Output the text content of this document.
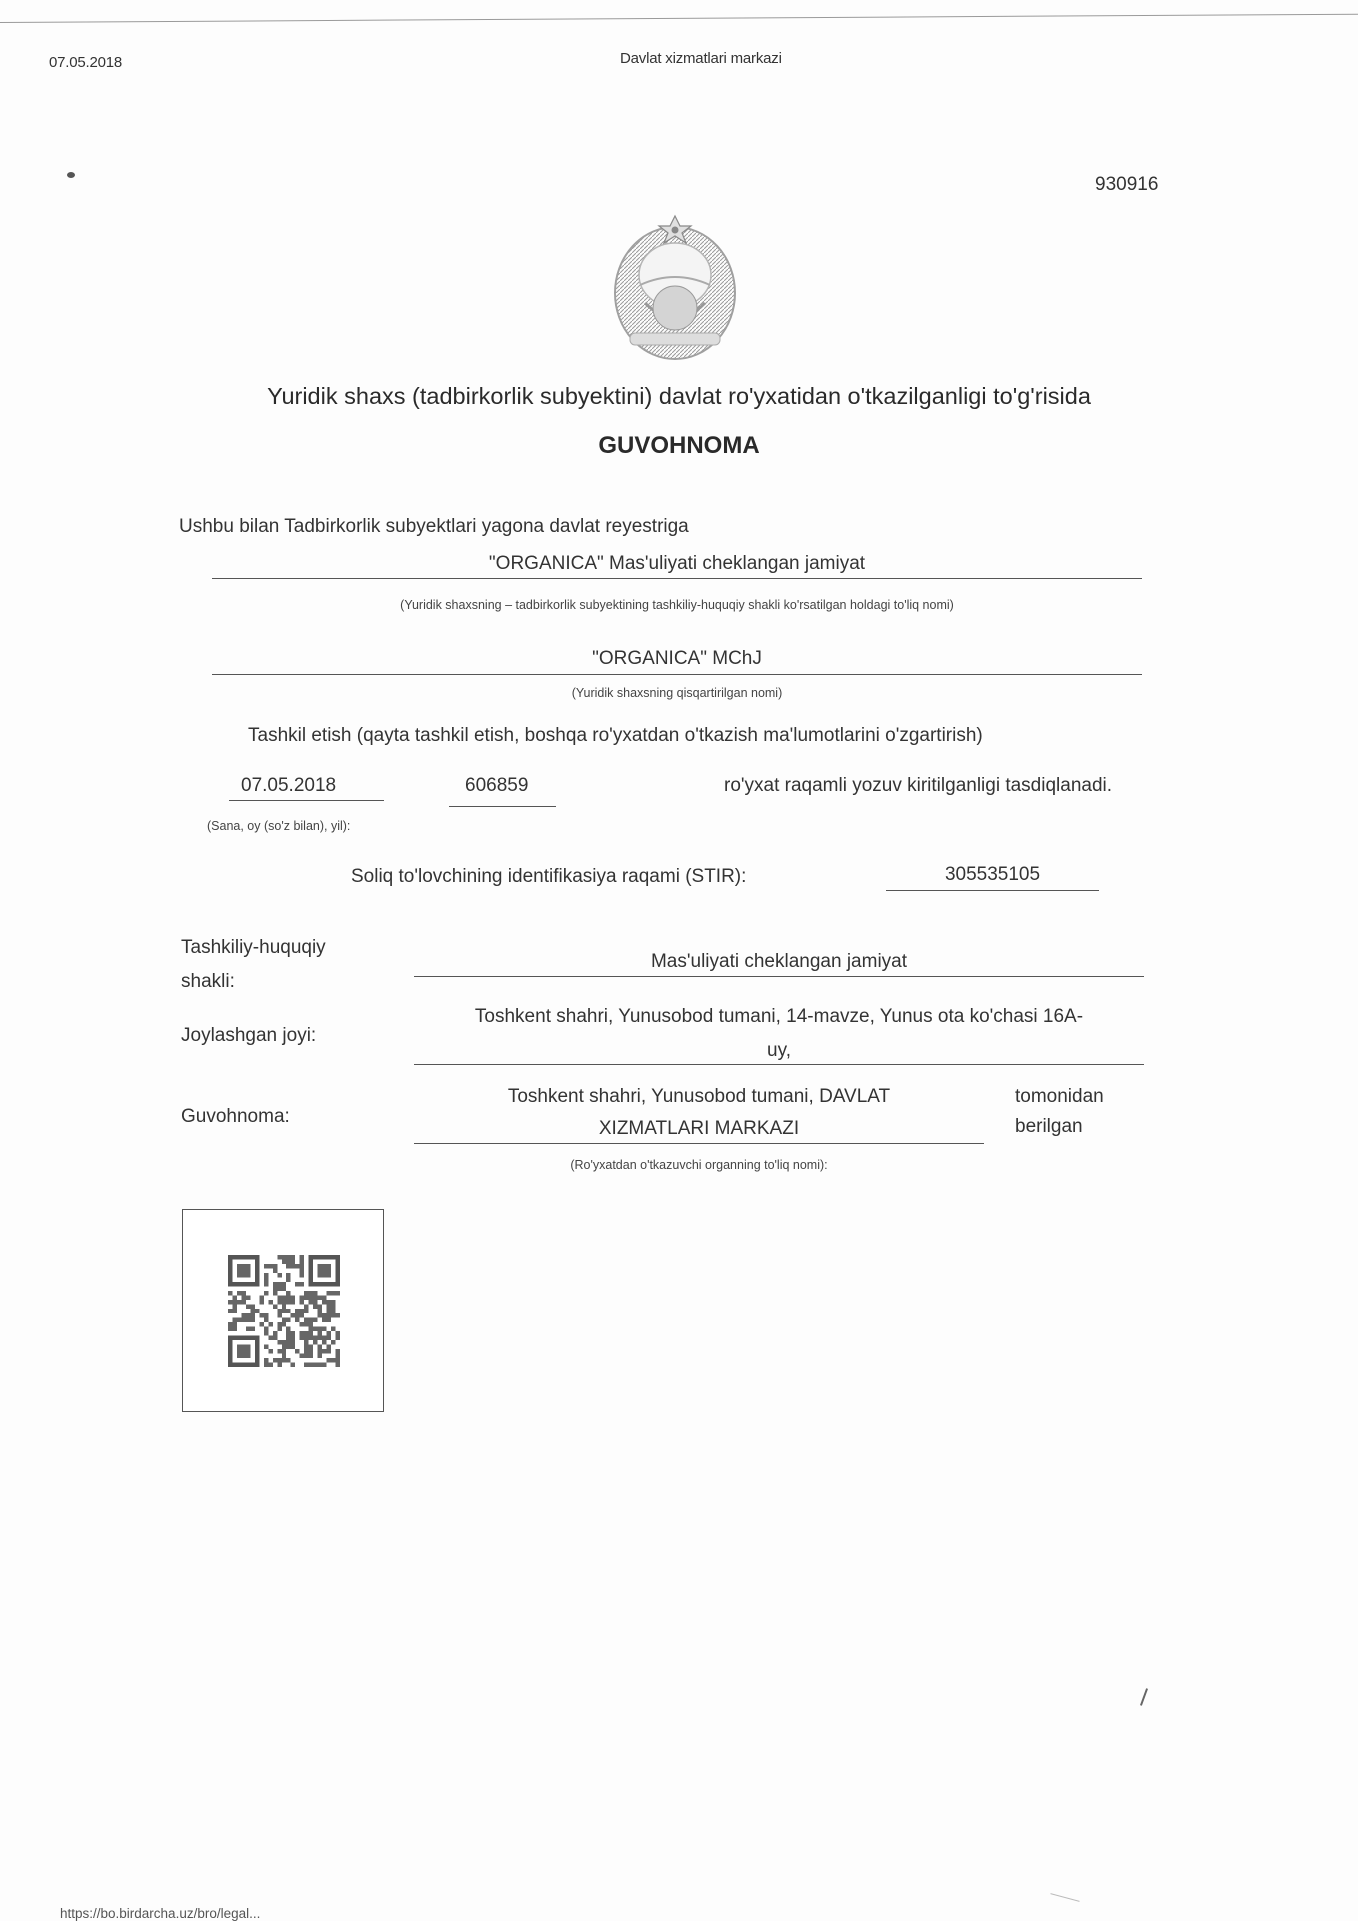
07.05.2018	Davlat xizmatlari markazi
930916
Yuridik shaxs (tadbirkorlik subyektini) davlat ro'yxatidan o'tkazilganligi to'g'risida
GUVOHNOMA
Ushbu bilan Tadbirkorlik subyektlari yagona davlat reyestriga
"ORGANICA" Mas'uliyati cheklangan jamiyat
(Yuridik shaxsning – tadbirkorlik subyektining tashkiliy-huquqiy shakli ko'rsatilgan holdagi to'liq nomi)
"ORGANICA" MChJ
(Yuridik shaxsning qisqartirilgan nomi)
Tashkil etish (qayta tashkil etish, boshqa ro'yxatdan o'tkazish ma'lumotlarini o'zgartirish)
07.05.2018	606859	ro'yxat raqamli yozuv kiritilganligi tasdiqlanadi.
(Sana, oy (so'z bilan), yil):
Soliq to'lovchining identifikasiya raqami (STIR):	305535105
Tashkiliy-huquqiy
shakli:
Mas'uliyati cheklangan jamiyat
Joylashgan joyi:
Toshkent shahri, Yunusobod tumani, 14-mavze, Yunus ota ko'chasi 16A-
uy,
Guvohnoma:
Toshkent shahri, Yunusobod tumani, DAVLAT
XIZMATLARI MARKAZI
tomonidan
berilgan
(Ro'yxatdan o'tkazuvchi organning to'liq nomi):
https://bo.birdarcha.uz/bro/legal...
